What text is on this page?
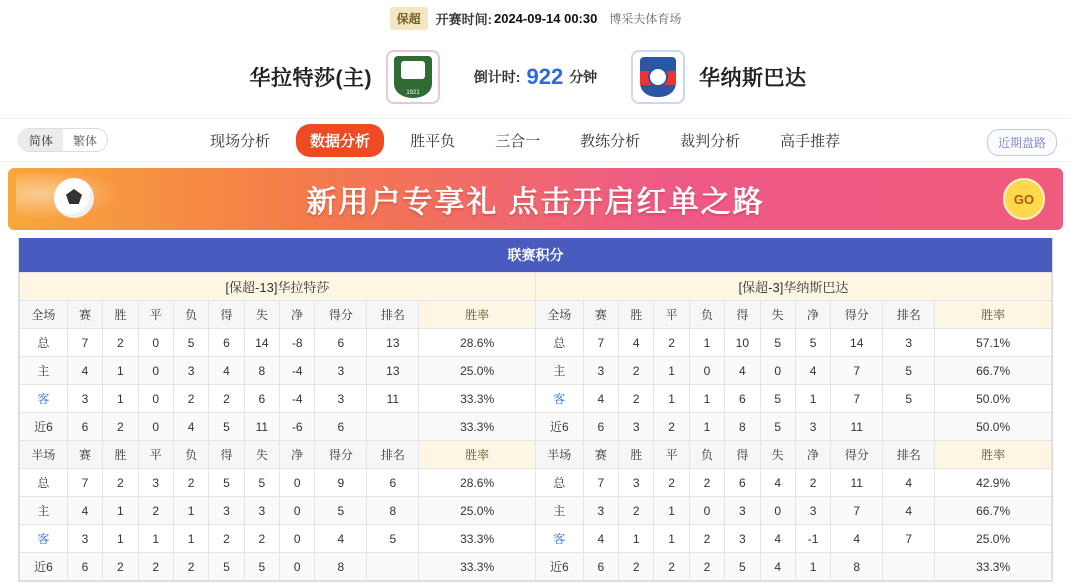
保超	开赛时间: 2024-09-14 00:30 博采夫体育场
华拉特莎(主)
1921
倒计时: 922 分钟	华纳斯巴达
简体	繁体	现场分析	数据分析	胜平负	三合一	教练分析	裁判分析	高手推荐	近期盘路
新用户专享礼 点击开启红单之路	GO
联赛积分
[保超-13]华拉特莎											[保超-3]华纳斯巴达										
全场	赛	胜	平	负	得	失	净	得分	排名	胜率	全场	赛	胜	平	负	得	失	净	得分	排名	胜率
总	7	2	0	5	6	14	-8	6	13	28.6%	总	7	4	2	1	10	5	5	14	3	57.1%
主	4	1	0	3	4	8	-4	3	13	25.0%	主	3	2	1	0	4	0	4	7	5	66.7%
客	3	1	0	2	2	6	-4	3	11	33.3%	客	4	2	1	1	6	5	1	7	5	50.0%
近6	6	2	0	4	5	11	-6	6		33.3%	近6	6	3	2	1	8	5	3	11		50.0%
半场	赛	胜	平	负	得	失	净	得分	排名	胜率	半场	赛	胜	平	负	得	失	净	得分	排名	胜率
总	7	2	3	2	5	5	0	9	6	28.6%	总	7	3	2	2	6	4	2	11	4	42.9%
主	4	1	2	1	3	3	0	5	8	25.0%	主	3	2	1	0	3	0	3	7	4	66.7%
客	3	1	1	1	2	2	0	4	5	33.3%	客	4	1	1	2	3	4	-1	4	7	25.0%
近6	6	2	2	2	5	5	0	8		33.3%	近6	6	2	2	2	5	4	1	8		33.3%
